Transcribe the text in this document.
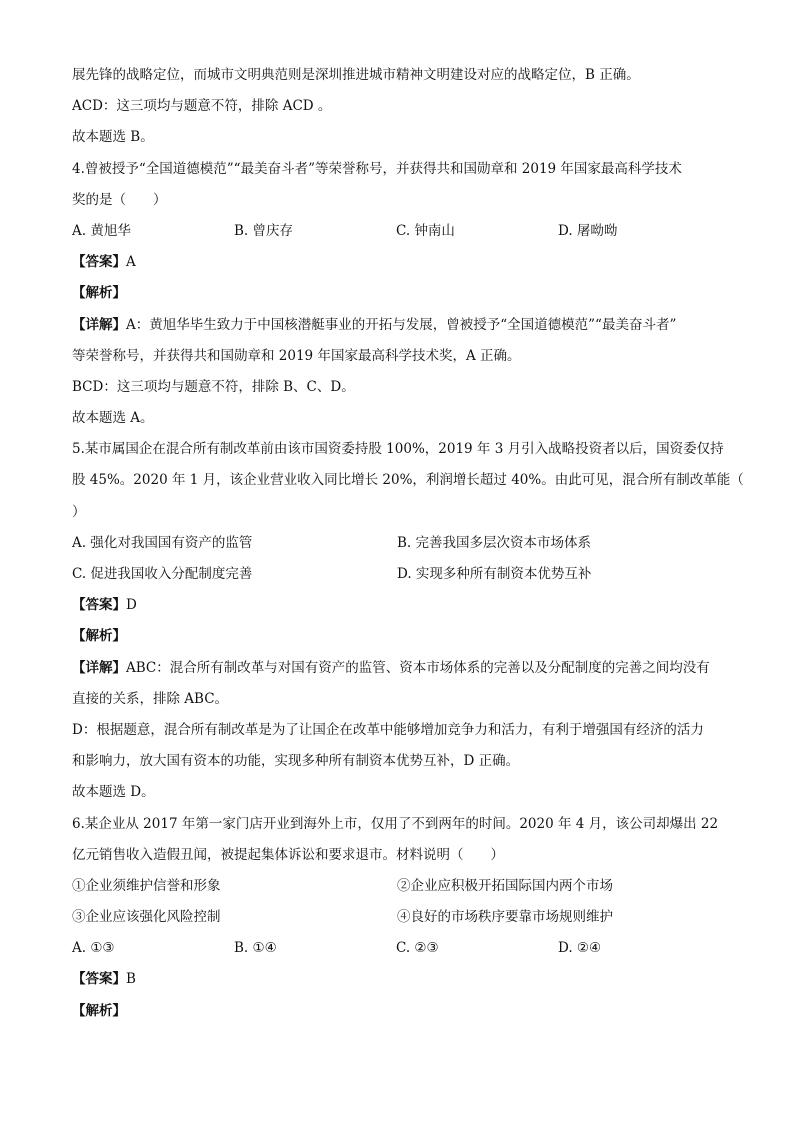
展先锋的战略定位，而城市文明典范则是深圳推进城市精神文明建设对应的战略定位，B 正确。
ACD：这三项均与题意不符，排除 ACD 。
故本题选 B。
4.曾被授予“全国道德模范”“最美奋斗者”等荣誉称号，并获得共和国勋章和 2019 年国家最高科学技术
奖的是（　　）
A. 黄旭华	B. 曾庆存	C. 钟南山	D. 屠呦呦
【答案】A
【解析】
【详解】A：黄旭华毕生致力于中国核潜艇事业的开拓与发展，曾被授予“全国道德模范”“最美奋斗者”
等荣誉称号，并获得共和国勋章和 2019 年国家最高科学技术奖，A 正确。
BCD：这三项均与题意不符，排除 B、C、D。
故本题选 A。
5.某市属国企在混合所有制改革前由该市国资委持股 100%，2019 年 3 月引入战略投资者以后，国资委仅持
股 45%。2020 年 1 月，该企业营业收入同比增长 20%，利润增长超过 40%。由此可见，混合所有制改革能（
）
A. 强化对我国国有资产的监管	B. 完善我国多层次资本市场体系
C. 促进我国收入分配制度完善	D. 实现多种所有制资本优势互补
【答案】D
【解析】
【详解】ABC：混合所有制改革与对国有资产的监管、资本市场体系的完善以及分配制度的完善之间均没有
直接的关系，排除 ABC。
D：根据题意，混合所有制改革是为了让国企在改革中能够增加竞争力和活力，有利于增强国有经济的活力
和影响力，放大国有资本的功能，实现多种所有制资本优势互补，D 正确。
故本题选 D。
6.某企业从 2017 年第一家门店开业到海外上市，仅用了不到两年的时间。2020 年 4 月，该公司却爆出 22
亿元销售收入造假丑闻，被提起集体诉讼和要求退市。材料说明（　　）
①企业须维护信誉和形象	②企业应积极开拓国际国内两个市场
③企业应该强化风险控制	④良好的市场秩序要靠市场规则维护
A. ①③	B. ①④	C. ②③	D. ②④
【答案】B
【解析】
